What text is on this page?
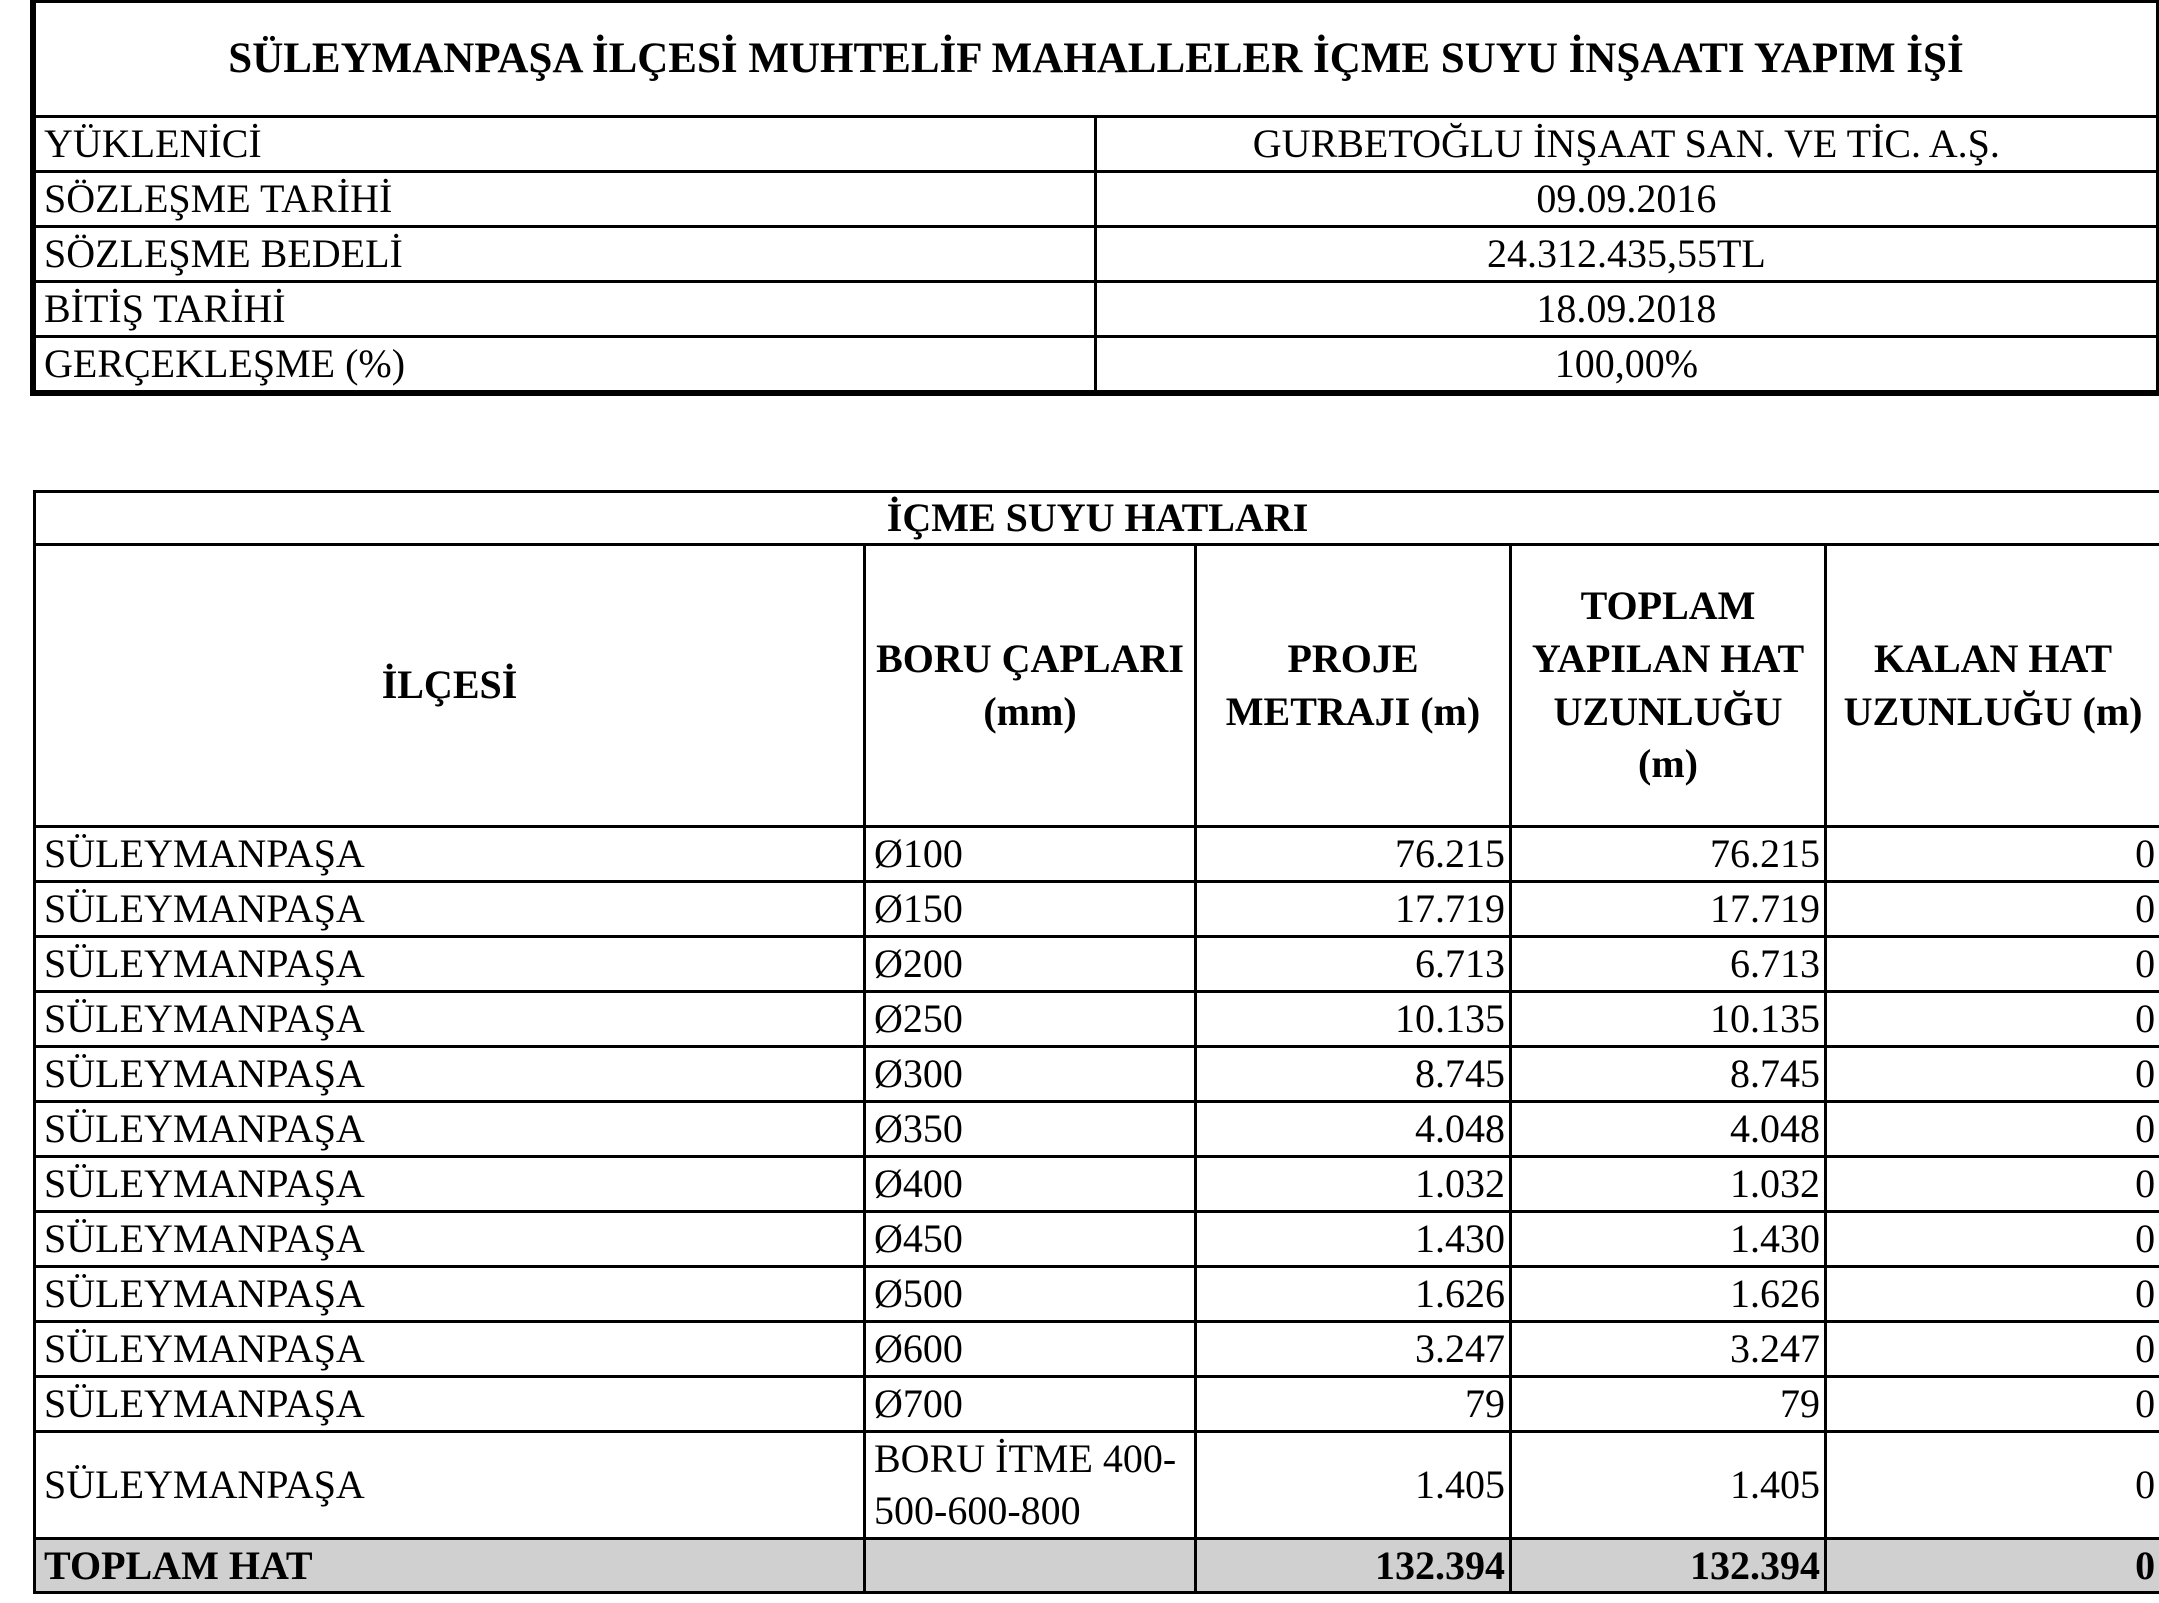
SÜLEYMANPAŞA İLÇESİ MUHTELİF MAHALLELER İÇME SUYU İNŞAATI YAPIM İŞİ	
YÜKLENİCİ	GURBETOĞLU İNŞAAT SAN. VE TİC. A.Ş.
SÖZLEŞME TARİHİ	09.09.2016
SÖZLEŞME BEDELİ	24.312.435,55TL
BİTİŞ TARİHİ	18.09.2018
GERÇEKLEŞME (%)	100,00%
İÇME SUYU HATLARI				
İLÇESİ	BORU ÇAPLARI (mm)	PROJE METRAJI (m)	TOPLAM YAPILAN HAT UZUNLUĞU (m)	KALAN HAT UZUNLUĞU (m)
SÜLEYMANPAŞA	Ø100	76.215	76.215	0
SÜLEYMANPAŞA	Ø150	17.719	17.719	0
SÜLEYMANPAŞA	Ø200	6.713	6.713	0
SÜLEYMANPAŞA	Ø250	10.135	10.135	0
SÜLEYMANPAŞA	Ø300	8.745	8.745	0
SÜLEYMANPAŞA	Ø350	4.048	4.048	0
SÜLEYMANPAŞA	Ø400	1.032	1.032	0
SÜLEYMANPAŞA	Ø450	1.430	1.430	0
SÜLEYMANPAŞA	Ø500	1.626	1.626	0
SÜLEYMANPAŞA	Ø600	3.247	3.247	0
SÜLEYMANPAŞA	Ø700	79	79	0
SÜLEYMANPAŞA	BORU İTME 400-500-600-800	1.405	1.405	0
TOPLAM HAT		132.394	132.394	0
